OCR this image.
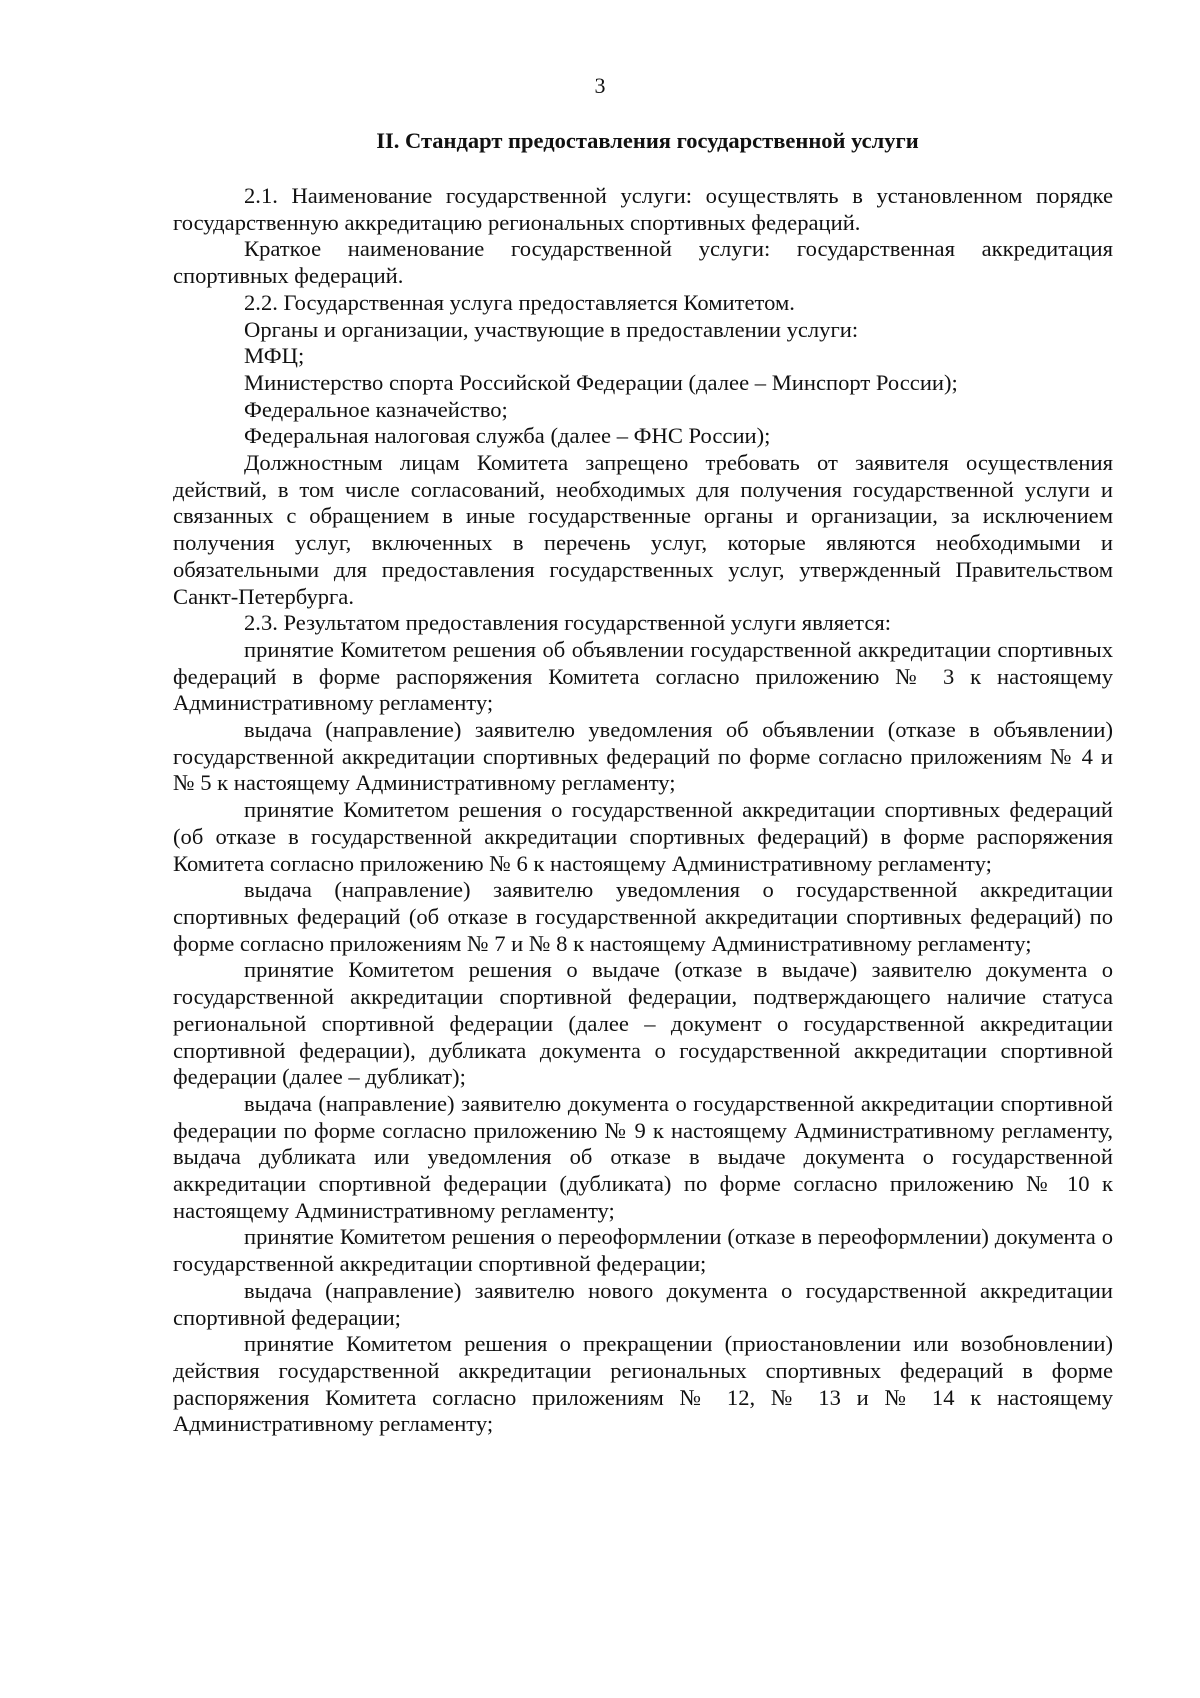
3
II. Стандарт предоставления государственной услуги

2.1. Наименование государственной услуги: осуществлять в установленном порядке государственную аккредитацию региональных спортивных федераций.

Краткое наименование государственной услуги: государственная аккредитация спортивных федераций.

2.2. Государственная услуга предоставляется Комитетом.

Органы и организации, участвующие в предоставлении услуги:

МФЦ;

Министерство спорта Российской Федерации (далее – Минспорт России);

Федеральное казначейство;

Федеральная налоговая служба (далее – ФНС России);

Должностным лицам Комитета запрещено требовать от заявителя осуществления действий, в том числе согласований, необходимых для получения государственной услуги и связанных с обращением в иные государственные органы и организации, за исключением получения услуг, включенных в перечень услуг, которые являются необходимыми и обязательными для предоставления государственных услуг, утвержденный Правительством Санкт-Петербурга.

2.3. Результатом предоставления государственной услуги является:

принятие Комитетом решения об объявлении государственной аккредитации спортивных федераций в форме распоряжения Комитета согласно приложению № 3 к настоящему Административному регламенту;

выдача (направление) заявителю уведомления об объявлении (отказе в объявлении) государственной аккредитации спортивных федераций по форме согласно приложениям № 4 и № 5 к настоящему Административному регламенту;

принятие Комитетом решения о государственной аккредитации спортивных федераций (об отказе в государственной аккредитации спортивных федераций) в форме распоряжения Комитета согласно приложению № 6 к настоящему Административному регламенту;

выдача (направление) заявителю уведомления о государственной аккредитации спортивных федераций (об отказе в государственной аккредитации спортивных федераций) по форме согласно приложениям № 7 и № 8 к настоящему Административному регламенту;

принятие Комитетом решения о выдаче (отказе в выдаче) заявителю документа о государственной аккредитации спортивной федерации, подтверждающего наличие статуса региональной спортивной федерации (далее – документ о государственной аккредитации спортивной федерации), дубликата документа о государственной аккредитации спортивной федерации (далее – дубликат);

выдача (направление) заявителю документа о государственной аккредитации спортивной федерации по форме согласно приложению № 9 к настоящему Административному регламенту, выдача дубликата или уведомления об отказе в выдаче документа о государственной аккредитации спортивной федерации (дубликата) по форме согласно приложению № 10 к настоящему Административному регламенту;

принятие Комитетом решения о переоформлении (отказе в переоформлении) документа о государственной аккредитации спортивной федерации;

выдача (направление) заявителю нового документа о государственной аккредитации спортивной федерации;

принятие Комитетом решения о прекращении (приостановлении или возобновлении) действия государственной аккредитации региональных спортивных федераций в форме распоряжения Комитета согласно приложениям № 12, № 13 и № 14 к настоящему Административному регламенту;
